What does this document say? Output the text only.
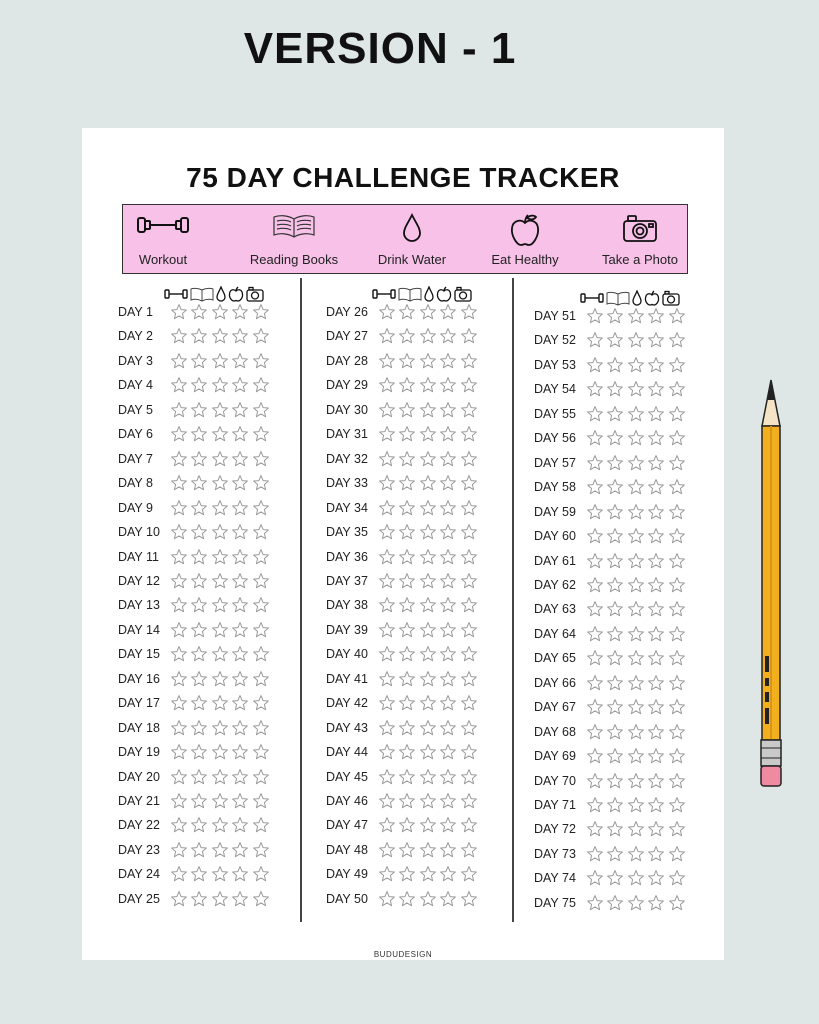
VERSION - 1
75 DAY CHALLENGE TRACKER
Workout	Reading Books	Drink Water	Eat Healthy	Take a Photo
DAY 1
DAY 2
DAY 3
DAY 4
DAY 5
DAY 6
DAY 7
DAY 8
DAY 9
DAY 10
DAY 11
DAY 12
DAY 13
DAY 14
DAY 15
DAY 16
DAY 17
DAY 18
DAY 19
DAY 20
DAY 21
DAY 22
DAY 23
DAY 24
DAY 25
DAY 26
DAY 27
DAY 28
DAY 29
DAY 30
DAY 31
DAY 32
DAY 33
DAY 34
DAY 35
DAY 36
DAY 37
DAY 38
DAY 39
DAY 40
DAY 41
DAY 42
DAY 43
DAY 44
DAY 45
DAY 46
DAY 47
DAY 48
DAY 49
DAY 50
DAY 51
DAY 52
DAY 53
DAY 54
DAY 55
DAY 56
DAY 57
DAY 58
DAY 59
DAY 60
DAY 61
DAY 62
DAY 63
DAY 64
DAY 65
DAY 66
DAY 67
DAY 68
DAY 69
DAY 70
DAY 71
DAY 72
DAY 73
DAY 74
DAY 75
BUDUDESIGN
